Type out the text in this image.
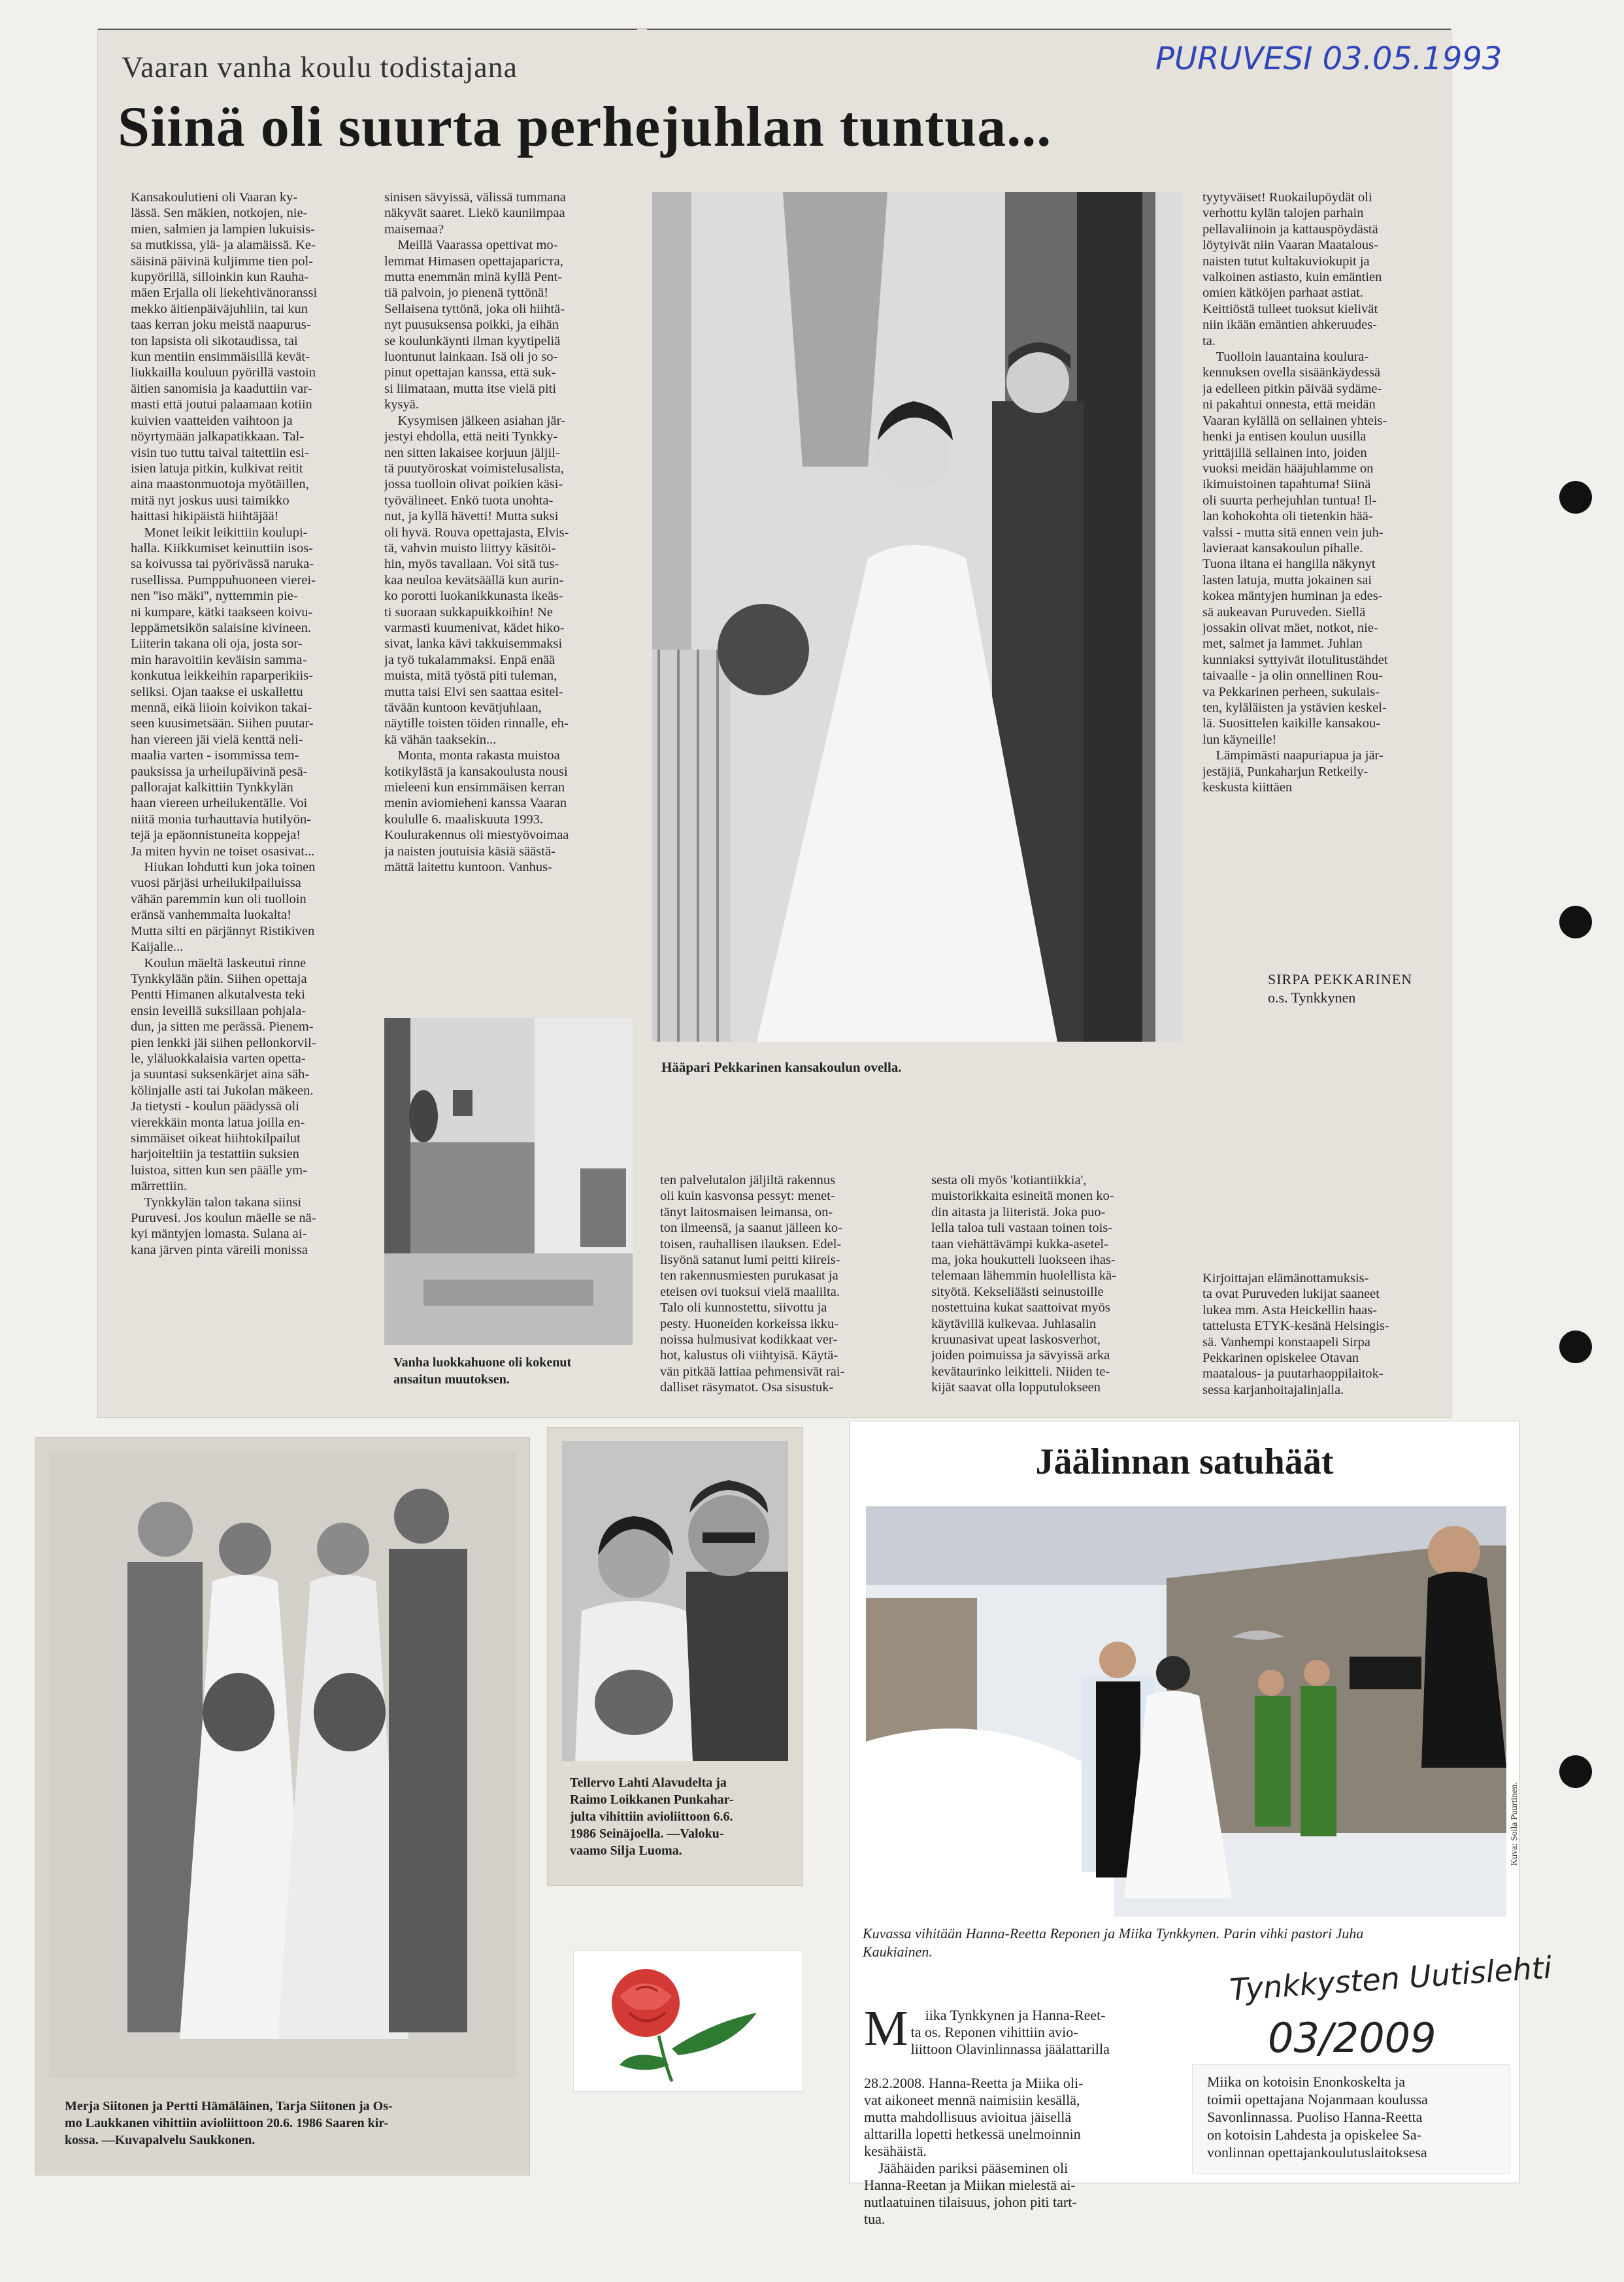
Vaaran vanha koulu todistajana
Siinä oli suurta perhejuhlan tuntua...
Kansakoulutieni oli Vaaran ky-
lässä. Sen mäkien, notkojen, nie-
mien, salmien ja lampien lukuisis-
sa mutkissa, ylä- ja alamäissä. Ke-
säisinä päivinä kuljimme tien pol-
kupyörillä, silloinkin kun Rauha-
mäen Erjalla oli liekehtivänoranssi
mekko äitienpäiväjuhliin, tai kun
taas kerran joku meistä naapurus-
ton lapsista oli sikotaudissa, tai
kun mentiin ensimmäisillä kevät-
liukkailla kouluun pyörillä vastoin
äitien sanomisia ja kaaduttiin var-
masti että joutui palaamaan kotiin
kuivien vaatteiden vaihtoon ja
nöyrtymään jalkapatikkaan. Tal-
visin tuo tuttu taival taitettiin esi-
isien latuja pitkin, kulkivat reitit
aina maastonmuotoja myötäillen,
mitä nyt joskus uusi taimikko
haittasi hikipäistä hiihtäjää!
Monet leikit leikittiin koulupi-
halla. Kiikkumiset keinuttiin isos-
sa koivussa tai pyörivässä naruka-
rusellissa. Pumppuhuoneen vierei-
nen ''iso mäki'', nyttemmin pie-
ni kumpare, kätki taakseen koivu-
leppämetsikön salaisine kivineen.
Liiterin takana oli oja, josta sor-
min haravoitiin keväisin samma-
konkutua leikkeihin raparperikiis-
seliksi. Ojan taakse ei uskallettu
mennä, eikä liioin koivikon takai-
seen kuusimetsään. Siihen puutar-
han viereen jäi vielä kenttä neli-
maalia varten - isommissa tem-
pauksissa ja urheilupäivinä pesä-
pallorajat kalkittiin Tynkkylän
haan viereen urheilukentälle. Voi
niitä monia turhauttavia hutilyön-
tejä ja epäonnistuneita koppeja!
Ja miten hyvin ne toiset osasivat...
Hiukan lohdutti kun joka toinen
vuosi pärjäsi urheilukilpailuissa
vähän paremmin kun oli tuolloin
eränsä vanhemmalta luokalta!
Mutta silti en pärjännyt Ristikiven
Kaijalle...
Koulun mäeltä laskeutui rinne
Tynkkylään päin. Siihen opettaja
Pentti Himanen alkutalvesta teki
ensin leveillä suksillaan pohjala-
dun, ja sitten me perässä. Pienem-
pien lenkki jäi siihen pellonkorvil-
le, yläluokkalaisia varten opetta-
ja suuntasi suksenkärjet aina säh-
kölinjalle asti tai Jukolan mäkeen.
Ja tietysti - koulun päädyssä oli
vierekkäin monta latua joilla en-
simmäiset oikeat hiihtokilpailut
harjoiteltiin ja testattiin suksien
luistoa, sitten kun sen päälle ym-
märrettiin.
Tynkkylän talon takana siinsi
Puruvesi. Jos koulun mäelle se nä-
kyi mäntyjen lomasta. Sulana ai-
kana järven pinta väreili monissa
sinisen sävyissä, välissä tummana
näkyvät saaret. Liekö kauniimpaa
maisemaa?
Meillä Vaarassa opettivat mo-
lemmat Himasen opettajapariста,
mutta enemmän minä kyllä Pent-
tiä palvoin, jo pienenä tyttönä!
Sellaisena tyttönä, joka oli hiihtä-
nyt puusuksensa poikki, ja eihän
se koulunkäynti ilman kyytipeliä
luontunut lainkaan. Isä oli jo so-
pinut opettajan kanssa, että suk-
si liimataan, mutta itse vielä piti
kysyä.
Kysymisen jälkeen asiahan jär-
jestyi ehdolla, että neiti Tynkky-
nen sitten lakaisee korjuun jäljil-
tä puutyöroskat voimistelusalista,
jossa tuolloin olivat poikien käsi-
työvälineet. Enkö tuota unohta-
nut, ja kyllä hävetti! Mutta suksi
oli hyvä. Rouva opettajasta, Elvis-
tä, vahvin muisto liittyy käsitöi-
hin, myös tavallaan. Voi sitä tus-
kaa neuloa kevätsäällä kun aurin-
ko porotti luokanikkunasta ikeäs-
ti suoraan sukkapuikkoihin! Ne
varmasti kuumenivat, kädet hiko-
sivat, lanka kävi takkuisemmaksi
ja työ tukalammaksi. Enpä enää
muista, mitä työstä piti tuleman,
mutta taisi Elvi sen saattaa esitel-
tävään kuntoon kevätjuhlaan,
näytille toisten töiden rinnalle, eh-
kä vähän taaksekin...
Monta, monta rakasta muistoa
kotikylästä ja kansakoulusta nousi
mieleeni kun ensimmäisen kerran
menin aviomieheni kanssa Vaaran
koululle 6. maaliskuuta 1993.
Koulurakennus oli miestyövoimaa
ja naisten joutuisia käsiä säästä-
mättä laitettu kuntoon. Vanhus-
Hääpari Pekkarinen kansakoulun ovella.
tyytyväiset! Ruokailupöydät oli
verhottu kylän talojen parhain
pellavaliinoin ja kattauspöydästä
löytyivät niin Vaaran Maatalous-
naisten tutut kultakuviokupit ja
valkoinen astiasto, kuin emäntien
omien kätköjen parhaat astiat.
Keittiöstä tulleet tuoksut kielivät
niin ikään emäntien ahkeruudes-
ta.
Tuolloin lauantaina koulura-
kennuksen ovella sisäänkäydessä
ja edelleen pitkin päivää sydäme-
ni pakahtui onnesta, että meidän
Vaaran kylällä on sellainen yhteis-
henki ja entisen koulun uusilla
yrittäjillä sellainen into, joiden
vuoksi meidän hääjuhlamme on
ikimuistoinen tapahtuma! Siinä
oli suurta perhejuhlan tuntua! Il-
lan kohokohta oli tietenkin hää-
valssi - mutta sitä ennen vein juh-
lavieraat kansakoulun pihalle.
Tuona iltana ei hangilla näkynyt
lasten latuja, mutta jokainen sai
kokea mäntyjen huminan ja edes-
sä aukeavan Puruveden. Siellä
jossakin olivat mäet, notkot, nie-
met, salmet ja lammet. Juhlan
kunniaksi syttyivät ilotulitustähdet
taivaalle - ja olin onnellinen Rou-
va Pekkarinen perheen, sukulais-
ten, kyläläisten ja ystävien keskel-
lä. Suosittelen kaikille kansakou-
lun käyneille!
Lämpimästi naapuriapua ja jär-
jestäjiä, Punkaharjun Retkeily-
keskusta kiittäen
SIRPA PEKKARINEN
o.s. Tynkkynen
Vanha luokkahuone oli kokenut
ansaitun muutoksen.
ten palvelutalon jäljiltä rakennus
oli kuin kasvonsa pessyt: menet-
tänyt laitosmaisen leimansa, on-
ton ilmeensä, ja saanut jälleen ko-
toisen, rauhallisen ilauksen. Edel-
lisyönä satanut lumi peitti kiireis-
ten rakennusmiesten purukasat ja
eteisen ovi tuoksui vielä maalilta.
Talo oli kunnostettu, siivottu ja
pesty. Huoneiden korkeissa ikku-
noissa hulmusivat kodikkaat ver-
hot, kalustus oli viihtyisä. Käytä-
vän pitkää lattiaa pehmensivät rai-
dalliset räsymatot. Osa sisustuk-
sesta oli myös 'kotiantiikkia',
muistorikkaita esineitä monen ko-
din aitasta ja liiteristä. Joka puo-
lella taloa tuli vastaan toinen tois-
taan viehättävämpi kukka-asetel-
ma, joka houkutteli luokseen ihas-
telemaan lähemmin huolellista kä-
sityötä. Kekseliäästi seinustoille
nostettuina kukat saattoivat myös
käytävillä kulkevaa. Juhlasalin
kruunasivat upeat laskosverhot,
joiden poimuissa ja sävyissä arka
kevätaurinko leikitteli. Niiden te-
kijät saavat olla lopputulokseen
Kirjoittajan elämänottamuksis-
ta ovat Puruveden lukijat saaneet
lukea mm. Asta Heickellin haas-
tattelusta ETYK-kesänä Helsingis-
sä. Vanhempi konstaapeli Sirpa
Pekkarinen opiskelee Otavan
maatalous- ja puutarhaoppilaitok-
sessa karjanhoitajalinjalla.
PURUVESI 03.05.1993
Merja Siitonen ja Pertti Hämäläinen, Tarja Siitonen ja Os-
mo Laukkanen vihittiin avioliittoon 20.6. 1986 Saaren kir-
kossa. —Kuvapalvelu Saukkonen.
Tellervo Lahti Alavudelta ja
Raimo Loikkanen Punkahar-
julta vihittiin avioliittoon 6.6.
1986 Seinäjoella. —Valoku-
vaamo Silja Luoma.
Jäälinnan satuhäät
Kuva: Soila Puurtinen.
Kuvassa vihitään Hanna-Reetta Reponen ja Miika Tynkkynen. Parin vihki pastori Juha
Kaukiainen.

M iika Tynkkynen ja Hanna-Reet-
ta os. Reponen vihittiin avio-
liittoon Olavinlinnassa jäälattarilla

28.2.2008. Hanna-Reetta ja Miika oli-
vat aikoneet mennä naimisiin kesällä,
mutta mahdollisuus avioitua jäisellä
alttarilla lopetti hetkessä unelmoinnin
kesähäistä.
Jäähäiden pariksi pääseminen oli
Hanna-Reetan ja Miikan mielestä ai-
nutlaatuinen tilaisuus, johon piti tart-
tua.

Miika on kotoisin Enonkoskelta ja
toimii opettajana Nojanmaan koulussa
Savonlinnassa. Puoliso Hanna-Reetta
on kotoisin Lahdesta ja opiskelee Sa-
vonlinnan opettajankoulutuslaitoksesa
Tynkkysten Uutislehti
03/2009
